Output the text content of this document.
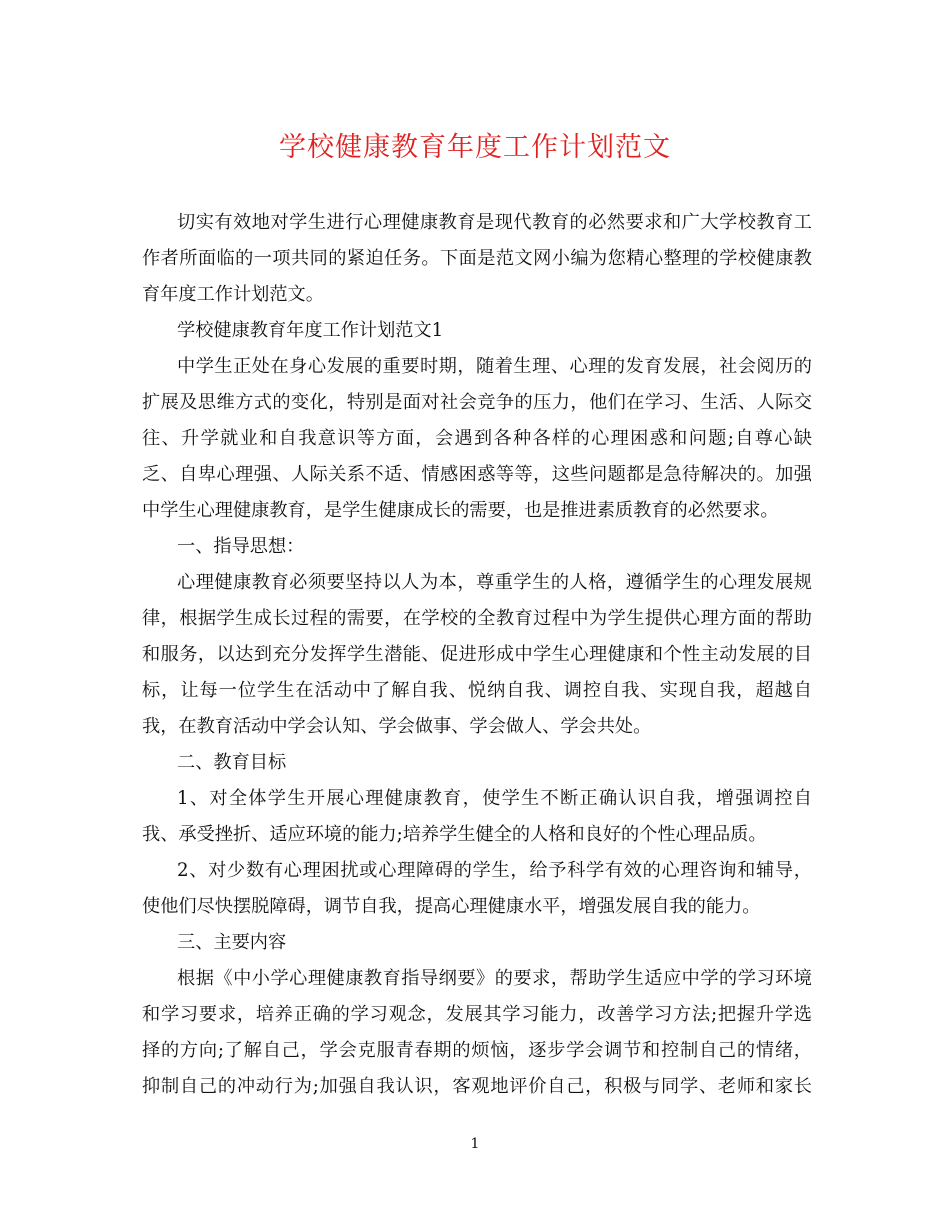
学校健康教育年度工作计划范文
切实有效地对学生进行心理健康教育是现代教育的必然要求和广大学校教育工
作者所面临的一项共同的紧迫任务。下面是范文网小编为您精心整理的学校健康教
育年度工作计划范文。
学校健康教育年度工作计划范文1
中学生正处在身心发展的重要时期，随着生理、心理的发育发展，社会阅历的
扩展及思维方式的变化，特别是面对社会竞争的压力，他们在学习、生活、人际交
往、升学就业和自我意识等方面，会遇到各种各样的心理困惑和问题;自尊心缺
乏、自卑心理强、人际关系不适、情感困惑等等，这些问题都是急待解决的。加强
中学生心理健康教育，是学生健康成长的需要，也是推进素质教育的必然要求。
一、指导思想：
心理健康教育必须要坚持以人为本，尊重学生的人格，遵循学生的心理发展规
律，根据学生成长过程的需要，在学校的全教育过程中为学生提供心理方面的帮助
和服务，以达到充分发挥学生潜能、促进形成中学生心理健康和个性主动发展的目
标，让每一位学生在活动中了解自我、悦纳自我、调控自我、实现自我，超越自
我，在教育活动中学会认知、学会做事、学会做人、学会共处。
二、教育目标
1、对全体学生开展心理健康教育，使学生不断正确认识自我，增强调控自
我、承受挫折、适应环境的能力;培养学生健全的人格和良好的个性心理品质。
2、对少数有心理困扰或心理障碍的学生，给予科学有效的心理咨询和辅导，
使他们尽快摆脱障碍，调节自我，提高心理健康水平，增强发展自我的能力。
三、主要内容
根据《中小学心理健康教育指导纲要》的要求，帮助学生适应中学的学习环境
和学习要求，培养正确的学习观念，发展其学习能力，改善学习方法;把握升学选
择的方向;了解自己，学会克服青春期的烦恼，逐步学会调节和控制自己的情绪，
抑制自己的冲动行为;加强自我认识，客观地评价自己，积极与同学、老师和家长
1
